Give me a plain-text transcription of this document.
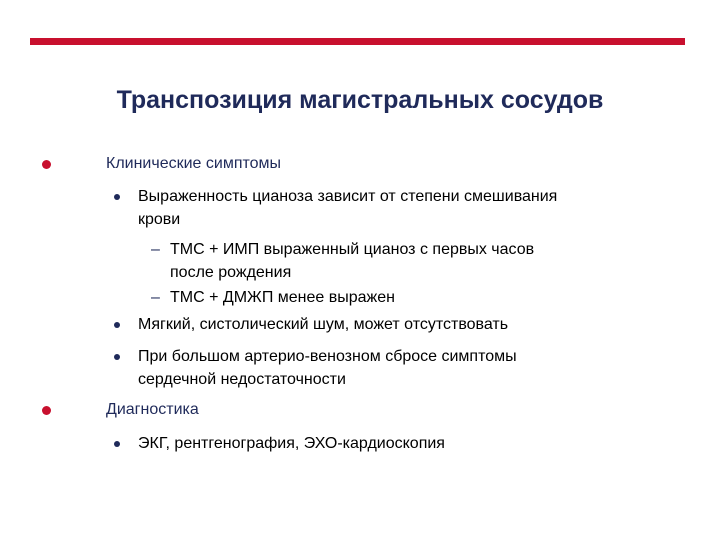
Транспозиция магистральных сосудов
Клинические симптомы
Выраженность цианоза зависит от степени смешивания
крови
– ТМС + ИМП выраженный цианоз с первых часов
после рождения
– ТМС + ДМЖП менее выражен
Мягкий, систолический шум, может отсутствовать
При большом артерио-венозном сбросе симптомы
сердечной недостаточности
Диагностика
ЭКГ, рентгенография, ЭХО-кардиоскопия
